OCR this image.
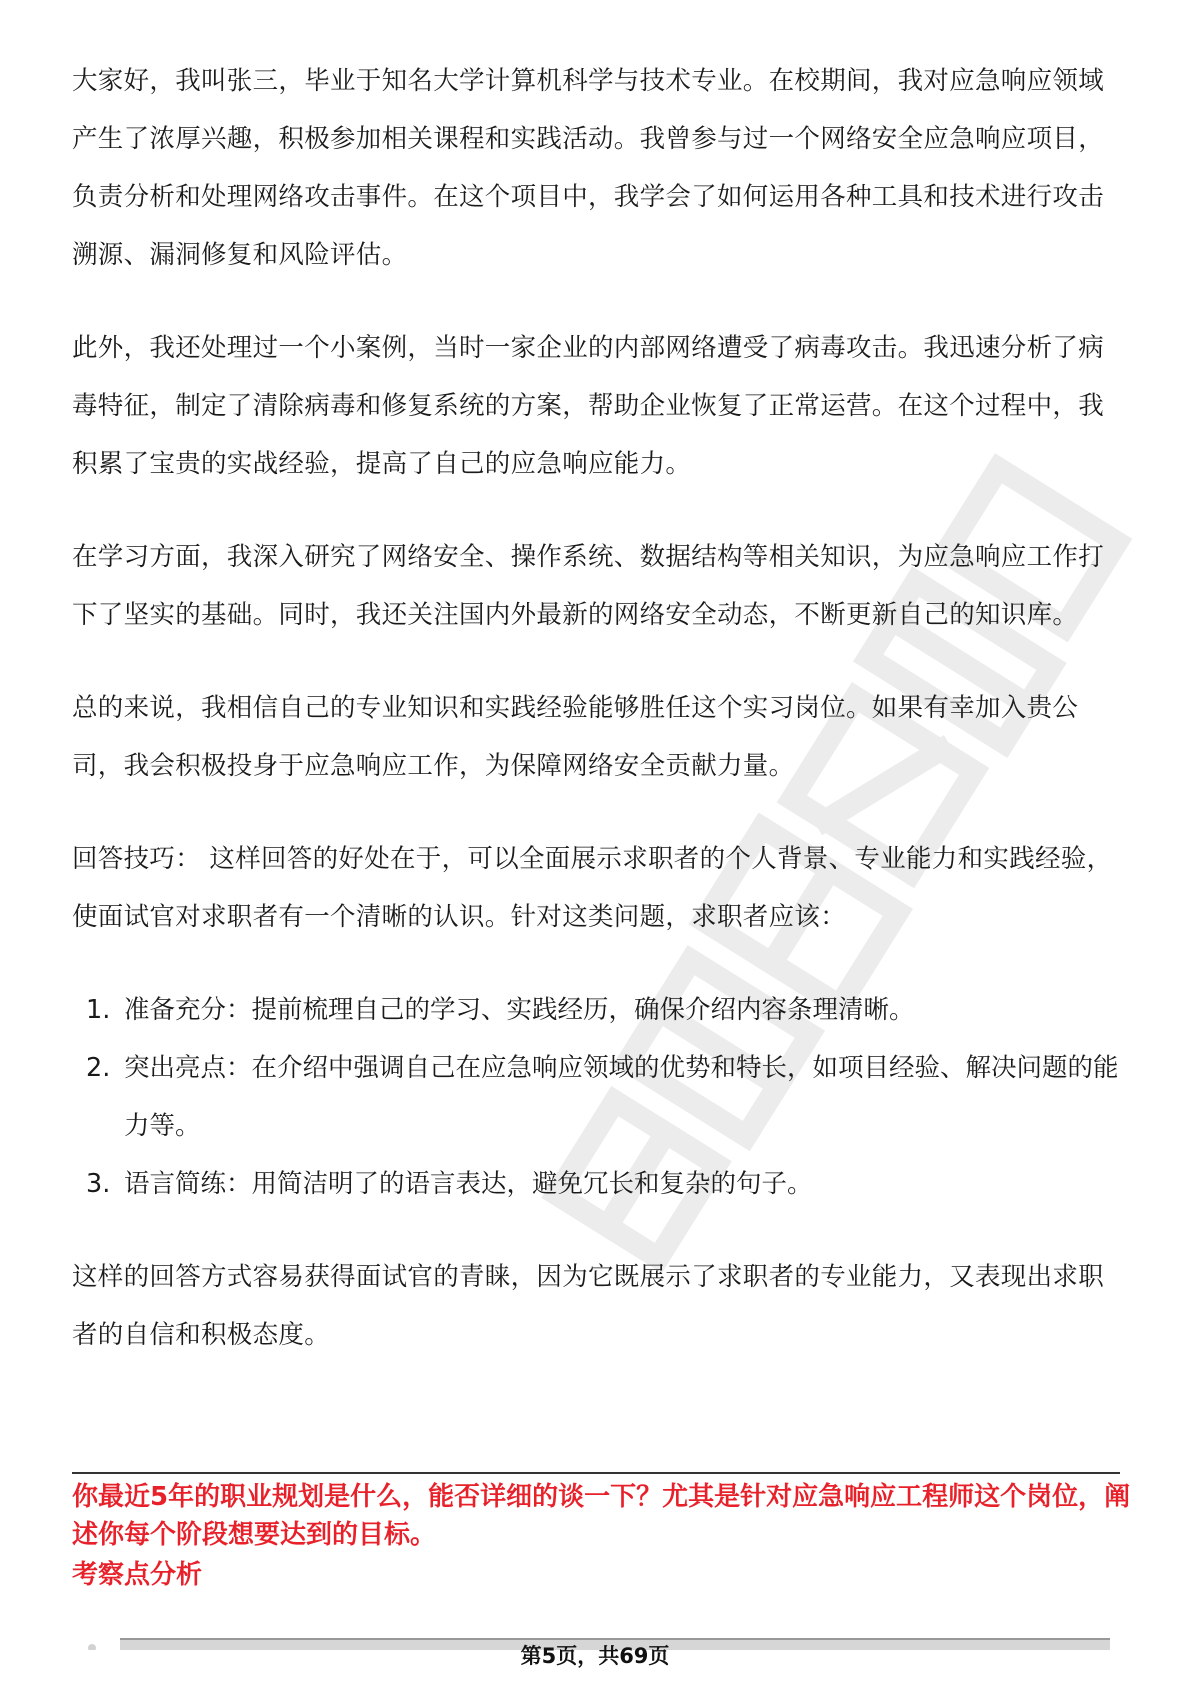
大家好，我叫张三，毕业于知名大学计算机科学与技术专业。在校期间，我对应急响应领域产生了浓厚兴趣，积极参加相关课程和实践活动。我曾参与过一个网络安全应急响应项目，负责分析和处理网络攻击事件。在这个项目中，我学会了如何运用各种工具和技术进行攻击溯源、漏洞修复和风险评估。

此外，我还处理过一个小案例，当时一家企业的内部网络遭受了病毒攻击。我迅速分析了病毒特征，制定了清除病毒和修复系统的方案，帮助企业恢复了正常运营。在这个过程中，我积累了宝贵的实战经验，提高了自己的应急响应能力。

在学习方面，我深入研究了网络安全、操作系统、数据结构等相关知识，为应急响应工作打下了坚实的基础。同时，我还关注国内外最新的网络安全动态，不断更新自己的知识库。

总的来说，我相信自己的专业知识和实践经验能够胜任这个实习岗位。如果有幸加入贵公司，我会积极投身于应急响应工作，为保障网络安全贡献力量。

回答技巧： 这样回答的好处在于，可以全面展示求职者的个人背景、专业能力和实践经验，使面试官对求职者有一个清晰的认识。针对这类问题，求职者应该：

1. 准备充分：提前梳理自己的学习、实践经历，确保介绍内容条理清晰。
2. 突出亮点：在介绍中强调自己在应急响应领域的优势和特长，如项目经验、解决问题的能力等。
3. 语言简练：用简洁明了的语言表达，避免冗长和复杂的句子。

这样的回答方式容易获得面试官的青睐，因为它既展示了求职者的专业能力，又表现出求职者的自信和积极态度。

你最近5年的职业规划是什么，能否详细的谈一下？尤其是针对应急响应工程师这个岗位，阐述你每个阶段想要达到的目标。

考察点分析

第5页，共69页
